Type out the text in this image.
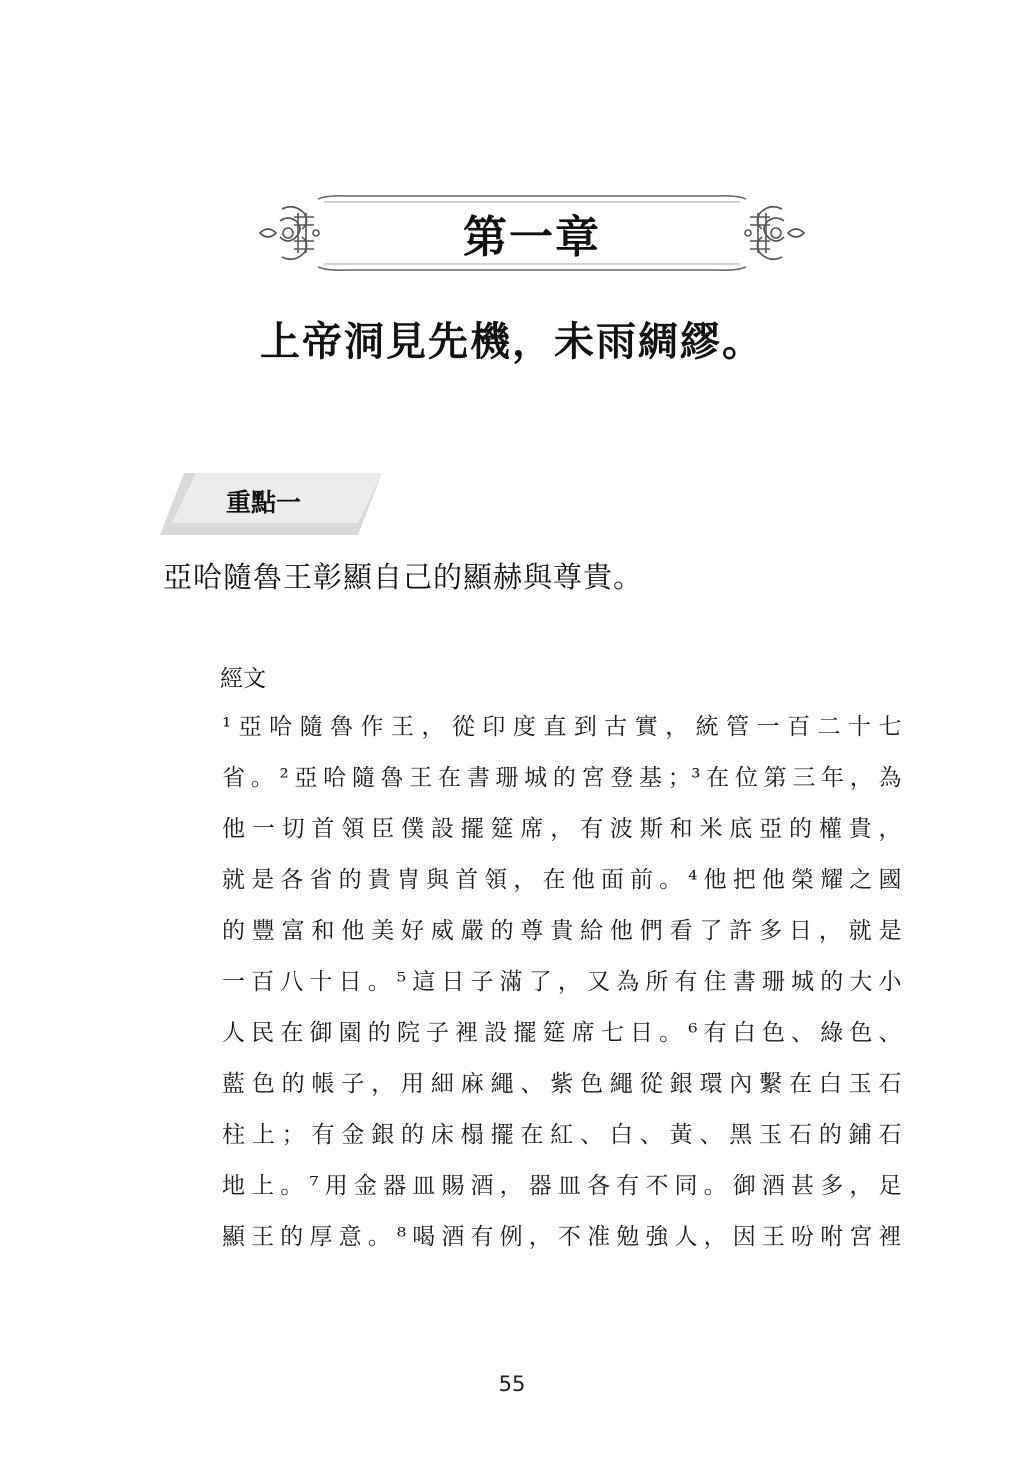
第一章
上帝洞見先機，未雨綢繆。
重點一
亞哈隨魯王彰顯自己的顯赫與尊貴。
經文
¹亞哈隨魯作王，從印度直到古實，統管一百二十七
省。²亞哈隨魯王在書珊城的宮登基；³在位第三年，為
他一切首領臣僕設擺筵席，有波斯和米底亞的權貴，
就是各省的貴冑與首領，在他面前。⁴他把他榮耀之國
的豐富和他美好威嚴的尊貴給他們看了許多日，就是
一百八十日。⁵這日子滿了，又為所有住書珊城的大小
人民在御園的院子裡設擺筵席七日。⁶有白色、綠色、
藍色的帳子，用細麻繩、紫色繩從銀環內繫在白玉石
柱上；有金銀的床榻擺在紅、白、黃、黑玉石的鋪石
地上。⁷用金器皿賜酒，器皿各有不同。御酒甚多，足
顯王的厚意。⁸喝酒有例，不准勉強人，因王吩咐宮裡
55
